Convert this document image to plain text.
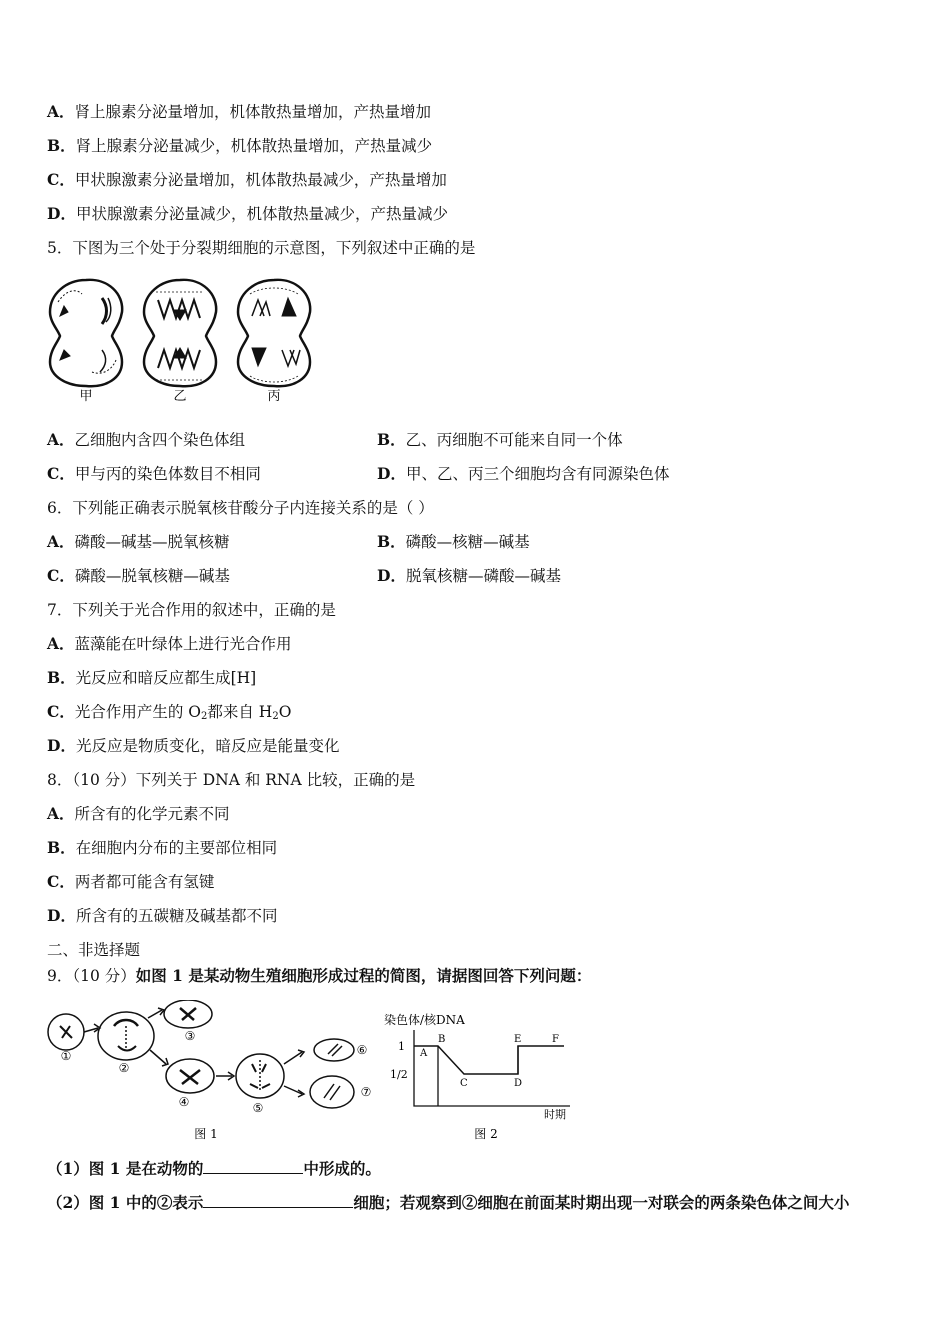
A．肾上腺素分泌量增加，机体散热量增加，产热量增加
B．肾上腺素分泌量减少，机体散热量增加，产热量减少
C．甲状腺激素分泌量增加，机体散热最减少，产热量增加
D．甲状腺激素分泌量减少，机体散热量减少，产热量减少
5．下图为三个处于分裂期细胞的示意图，下列叙述中正确的是
甲	乙	丙
A．乙细胞内含四个染色体组	B．乙、丙细胞不可能来自同一个体
C．甲与丙的染色体数目不相同	D．甲、乙、丙三个细胞均含有同源染色体
6．下列能正确表示脱氧核苷酸分子内连接关系的是（ ）
A．磷酸—碱基—脱氧核糖	B．磷酸—核糖—碱基
C．磷酸—脱氧核糖—碱基	D．脱氧核糖—磷酸—碱基
7．下列关于光合作用的叙述中，正确的是
A．蓝藻能在叶绿体上进行光合作用
B．光反应和暗反应都生成[H]
C．光合作用产生的 $O_2$都来自 $H_2O$
D．光反应是物质变化，暗反应是能量变化
8．（10 分）下列关于 DNA 和 RNA 比较，正确的是
A．所含有的化学元素不同
B．在细胞内分布的主要部位相同
C．两者都可能含有氢键
D．所含有的五碳糖及碱基都不同
二、非选择题
9．（10 分）如图 1 是某动物生殖细胞形成过程的简图，请据图回答下列问题：
①
②
③
④	⑤
⑥
⑦
图 1
染色体/核DNA
1
1/2
A
B
C	D
E	F
时期
图 2
（1）图 1 是在动物的	中形成的。
（2）图 1 中的②表示	细胞；若观察到②细胞在前面某时期出现一对联会的两条染色体之间大小
